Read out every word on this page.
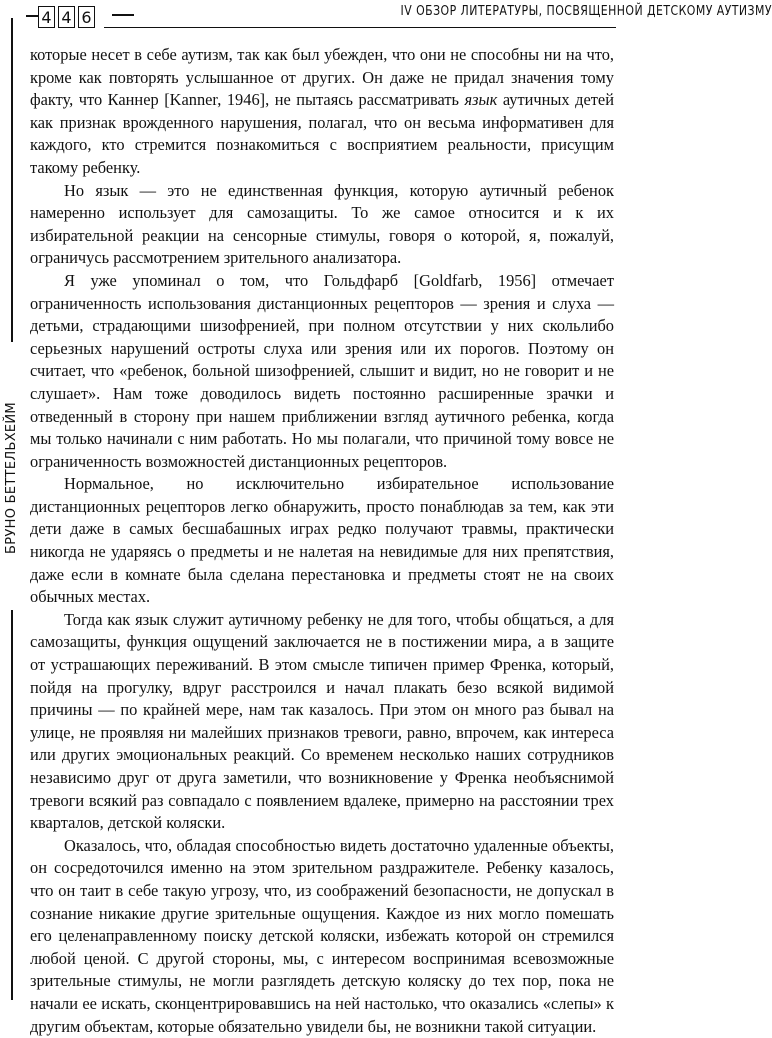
4 4 6	IV ОБЗОР ЛИТЕРАТУРЫ, ПОСВЯЩЕННОЙ ДЕТСКОМУ АУТИЗМУ
БРУНО БЕТТЕЛЬХЕЙМ

которые несет в себе аутизм, так как был убежден, что они не способны ни на что, кроме как повторять услышанное от других. Он даже не придал значения тому факту, что Каннер [Kanner, 1946], не пытаясь рассматривать язык аутичных детей как признак врожденного нарушения, полагал, что он весьма информативен для каждого, кто стремится познакомиться с восприятием реальности, присущим такому ребенку.

Но язык — это не единственная функция, которую аутичный ребенок намеренно использует для самозащиты. То же самое относится и к их избирательной реакции на сенсорные стимулы, говоря о которой, я, пожалуй, ограничусь рассмотрением зрительного анализатора.

Я уже упоминал о том, что Гольдфарб [Goldfarb, 1956] отмечает ограниченность использования дистанционных рецепторов — зрения и слуха — детьми, страдающими шизофренией, при полном отсутствии у них скольлибо серьезных нарушений остроты слуха или зрения или их порогов. Поэтому он считает, что «ребенок, больной шизофренией, слышит и видит, но не говорит и не слушает». Нам тоже доводилось видеть постоянно расширенные зрачки и отведенный в сторону при нашем приближении взгляд аутичного ребенка, когда мы только начинали с ним работать. Но мы полагали, что причиной тому вовсе не ограниченность возможностей дистанционных рецепторов.

Нормальное, но исключительно избирательное использование дистанционных рецепторов легко обнаружить, просто понаблюдав за тем, как эти дети даже в самых бесшабашных играх редко получают травмы, практически никогда не ударяясь о предметы и не налетая на невидимые для них препятствия, даже если в комнате была сделана перестановка и предметы стоят не на своих обычных местах.

Тогда как язык служит аутичному ребенку не для того, чтобы общаться, а для самозащиты, функция ощущений заключается не в постижении мира, а в защите от устрашающих переживаний. В этом смысле типичен пример Френка, который, пойдя на прогулку, вдруг расстроился и начал плакать безо всякой видимой причины — по крайней мере, нам так казалось. При этом он много раз бывал на улице, не проявляя ни малейших признаков тревоги, равно, впрочем, как интереса или других эмоциональных реакций. Со временем несколько наших сотрудников независимо друг от друга заметили, что возникновение у Френка необъяснимой тревоги всякий раз совпадало с появлением вдалеке, примерно на расстоянии трех кварталов, детской коляски.

Оказалось, что, обладая способностью видеть достаточно удаленные объекты, он сосредоточился именно на этом зрительном раздражителе. Ребенку казалось, что он таит в себе такую угрозу, что, из соображений безопасности, не допускал в сознание никакие другие зрительные ощущения. Каждое из них могло помешать его целенаправленному поиску детской коляски, избежать которой он стремился любой ценой. С другой стороны, мы, с интересом воспринимая всевозможные зрительные стимулы, не могли разглядеть детскую коляску до тех пор, пока не начали ее искать, сконцентрировавшись на ней настолько, что оказались «слепы» к другим объектам, которые обязательно увидели бы, не возникни такой ситуации.
